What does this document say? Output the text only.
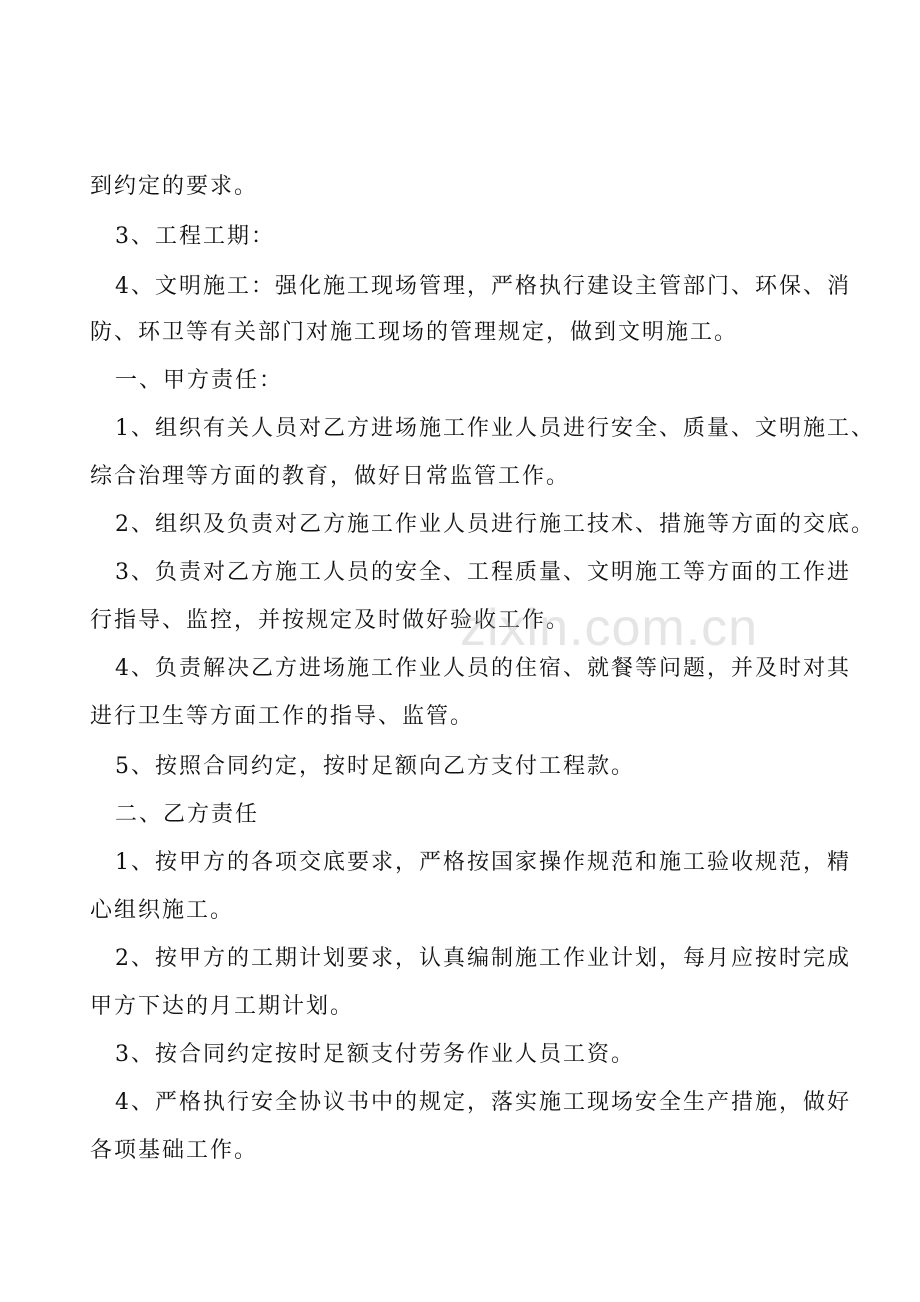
到约定的要求。
3、工程工期：
4、文明施工：强化施工现场管理，严格执行建设主管部门、环保、消
防、环卫等有关部门对施工现场的管理规定，做到文明施工。
一、甲方责任：
1、组织有关人员对乙方进场施工作业人员进行安全、质量、文明施工、
综合治理等方面的教育，做好日常监管工作。
2、组织及负责对乙方施工作业人员进行施工技术、措施等方面的交底。
3、负责对乙方施工人员的安全、工程质量、文明施工等方面的工作进
行指导、监控，并按规定及时做好验收工作。
4、负责解决乙方进场施工作业人员的住宿、就餐等问题，并及时对其
进行卫生等方面工作的指导、监管。
5、按照合同约定，按时足额向乙方支付工程款。
二、乙方责任
1、按甲方的各项交底要求，严格按国家操作规范和施工验收规范，精
心组织施工。
2、按甲方的工期计划要求，认真编制施工作业计划，每月应按时完成
甲方下达的月工期计划。
3、按合同约定按时足额支付劳务作业人员工资。
4、严格执行安全协议书中的规定，落实施工现场安全生产措施，做好
各项基础工作。
zixin.com.cn
